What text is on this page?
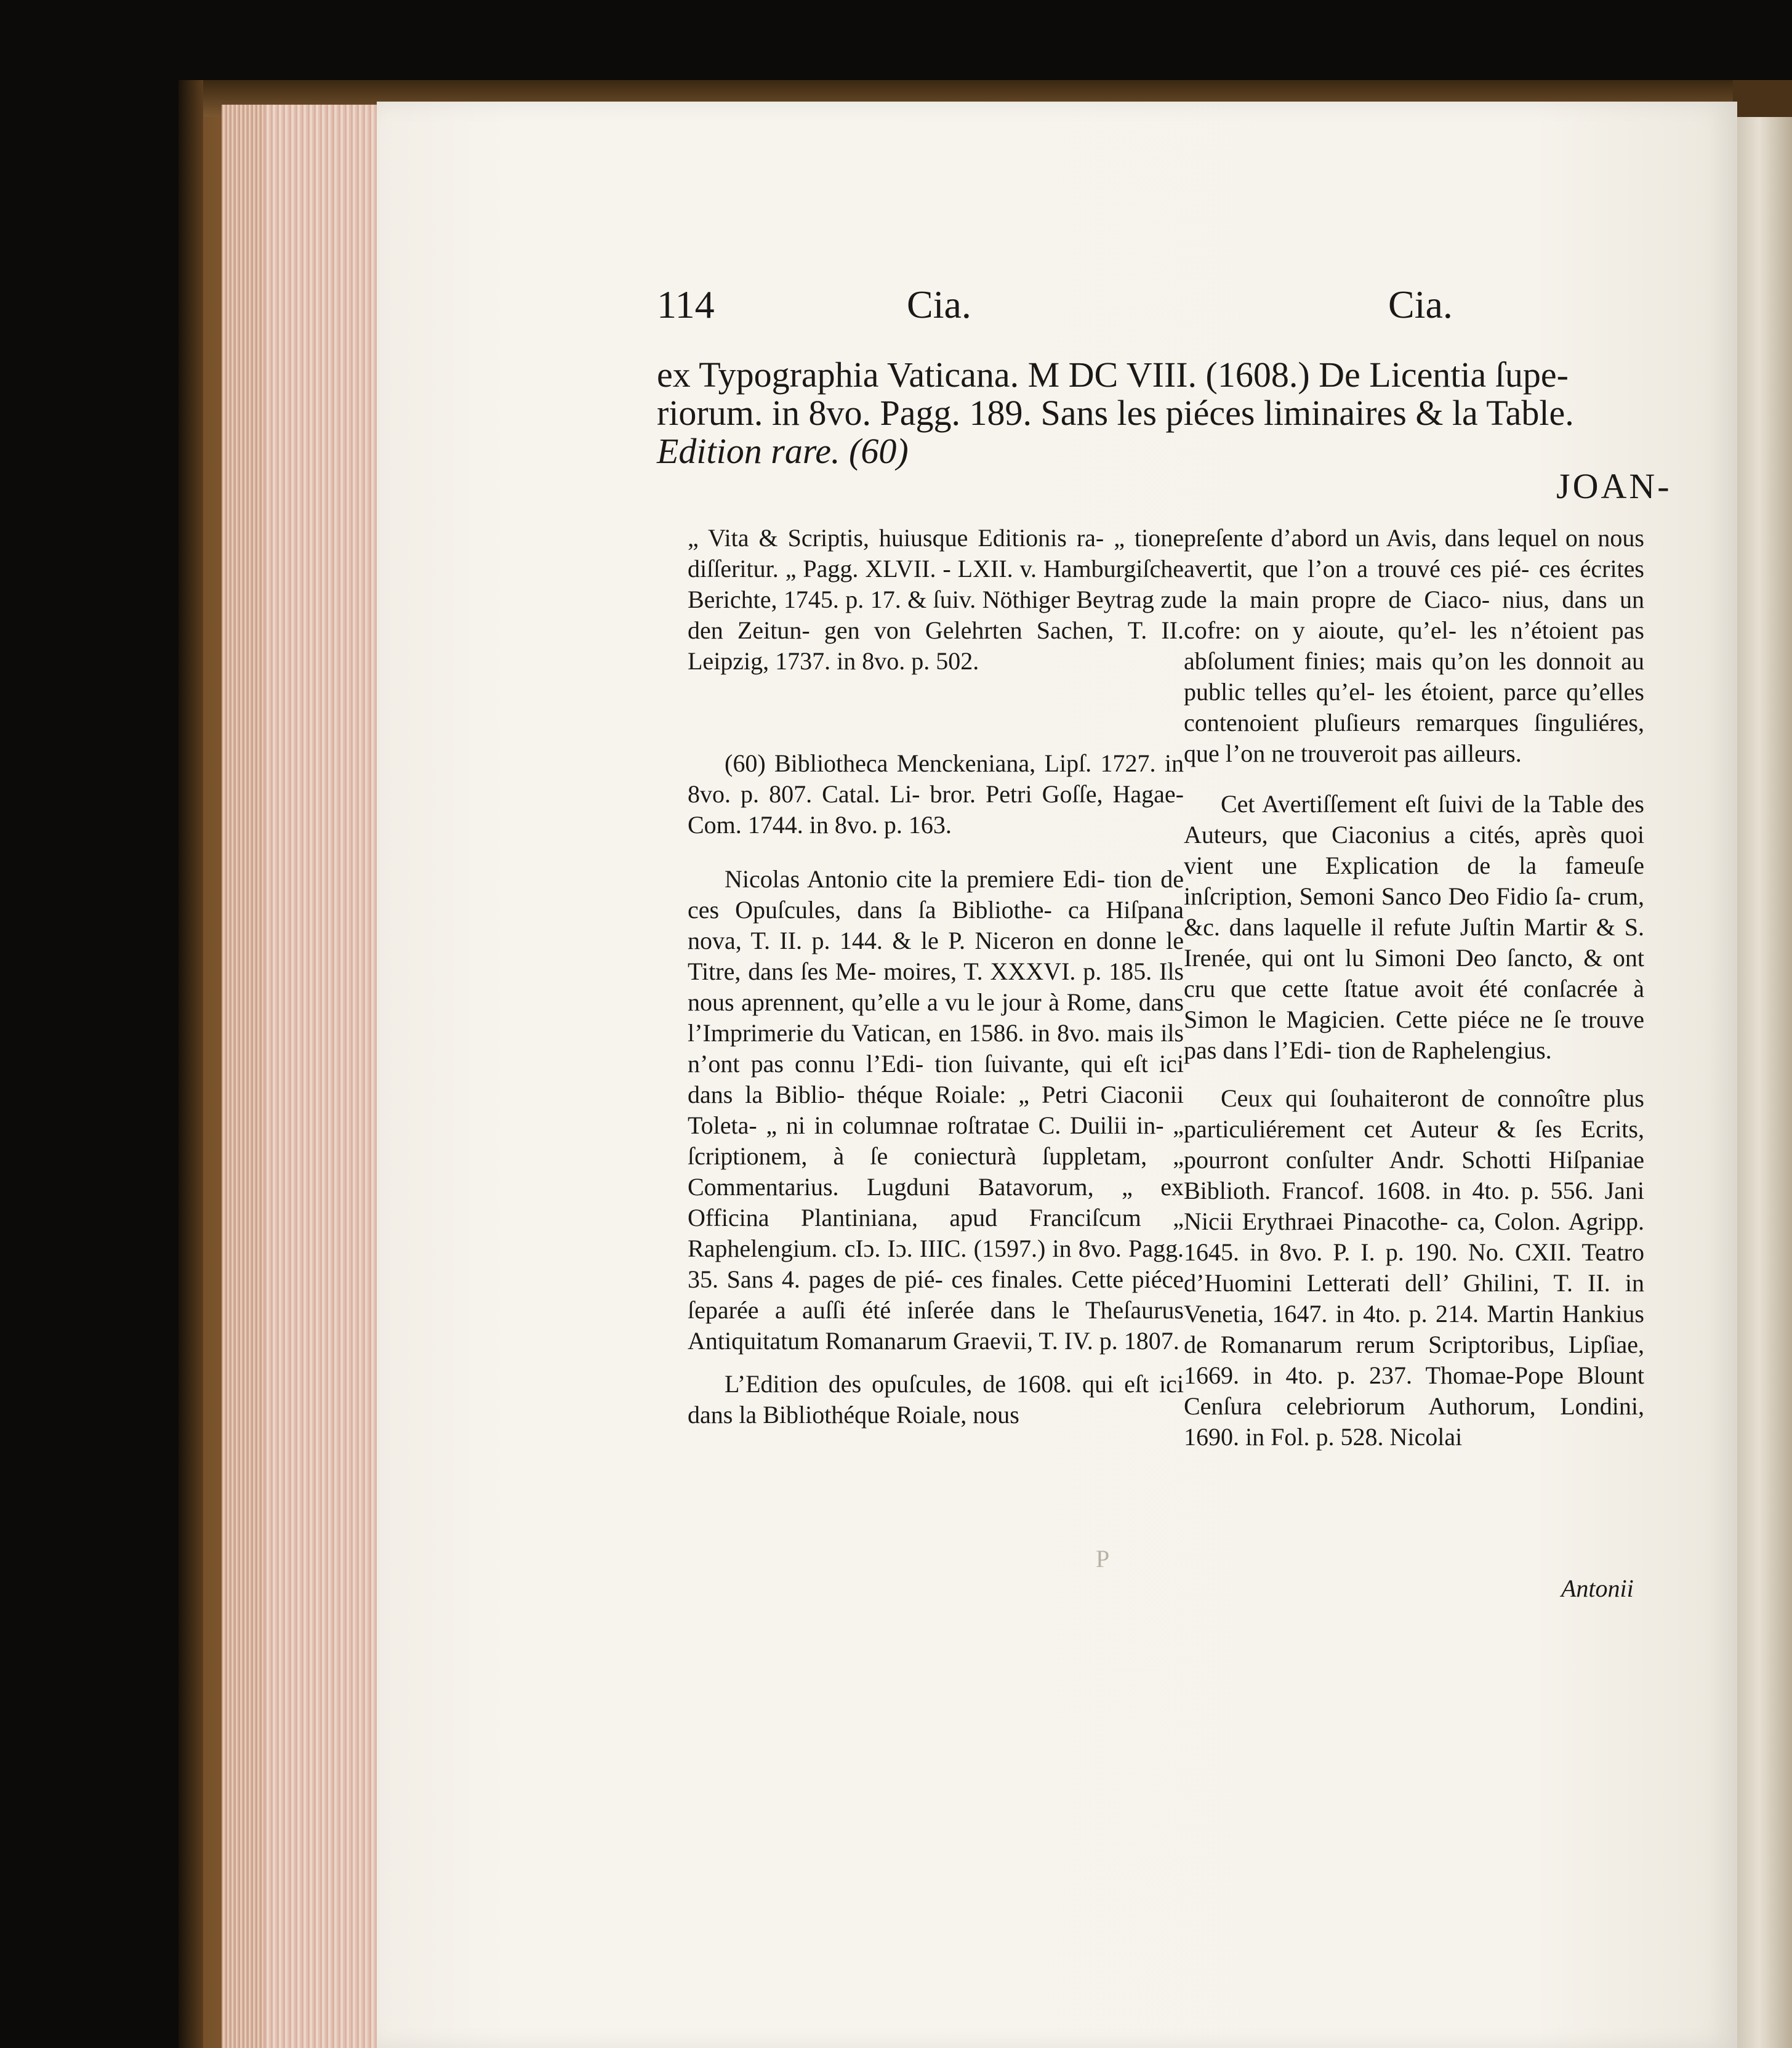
114	Cia.	Cia.

ex Typographia Vaticana. M DC VIII. (1608.) De Licentia ſupe-

riorum. in 8vo. Pagg. 189. Sans les piéces liminaires & la Table.

Edition rare. (60)

JOAN-

„ Vita & Scriptis, huiusque Editionis ra- „ tione diſſeritur. „ Pagg. XLVII. - LXII. v. Hamburgiſche Berichte, 1745. p. 17. & ſuiv. Nöthiger Beytrag zu den Zeitun- gen von Gelehrten Sachen, T. II. Leipzig, 1737. in 8vo. p. 502.

(60) Bibliotheca Menckeniana, Lipſ. 1727. in 8vo. p. 807. Catal. Li- bror. Petri Goſſe, Hagae-Com. 1744. in 8vo. p. 163.

Nicolas Antonio cite la premiere Edi- tion de ces Opuſcules, dans ſa Bibliothe- ca Hiſpana nova, T. II. p. 144. & le P. Niceron en donne le Titre, dans ſes Me- moires, T. XXXVI. p. 185. Ils nous aprennent, qu’elle a vu le jour à Rome, dans l’Imprimerie du Vatican, en 1586. in 8vo. mais ils n’ont pas connu l’Edi- tion ſuivante, qui eſt ici dans la Biblio- théque Roiale: „ Petri Ciaconii Toleta- „ ni in columnae roſtratae C. Duilii in- „ ſcriptionem, à ſe coniecturà ſuppletam, „ Commentarius. Lugduni Batavorum, „ ex Officina Plantiniana, apud Franciſcum „ Raphelengium. cIɔ. Iɔ. IIIC. (1597.) in 8vo. Pagg. 35. Sans 4. pages de pié- ces finales. Cette piéce ſeparée a auſſi été inſerée dans le Theſaurus Antiquitatum Romanarum Graevii, T. IV. p. 1807.

L’Edition des opuſcules, de 1608. qui eſt ici dans la Bibliothéque Roiale, nous

P

preſente d’abord un Avis, dans lequel on nous avertit, que l’on a trouvé ces pié- ces écrites de la main propre de Ciaco- nius, dans un cofre: on y aioute, qu’el- les n’étoient pas abſolument finies; mais qu’on les donnoit au public telles qu’el- les étoient, parce qu’elles contenoient pluſieurs remarques ſinguliéres, que l’on ne trouveroit pas ailleurs.

Cet Avertiſſement eſt ſuivi de la Table des Auteurs, que Ciaconius a cités, après quoi vient une Explication de la fameuſe inſcription, Semoni Sanco Deo Fidio ſa- crum, &c. dans laquelle il refute Juſtin Martir & S. Irenée, qui ont lu Simoni Deo ſancto, & ont cru que cette ſtatue avoit été conſacrée à Simon le Magicien. Cette piéce ne ſe trouve pas dans l’Edi- tion de Raphelengius.

Ceux qui ſouhaiteront de connoître plus particuliérement cet Auteur & ſes Ecrits, pourront conſulter Andr. Schotti Hiſpaniae Biblioth. Francof. 1608. in 4to. p. 556. Jani Nicii Erythraei Pinacothe- ca, Colon. Agripp. 1645. in 8vo. P. I. p. 190. No. CXII. Teatro d’Huomini Letterati dell’ Ghilini, T. II. in Venetia, 1647. in 4to. p. 214. Martin Hankius de Romanarum rerum Scriptoribus, Lipſiae, 1669. in 4to. p. 237. Thomae-Pope Blount Cenſura celebriorum Authorum, Londini, 1690. in Fol. p. 528. Nicolai

Antonii
